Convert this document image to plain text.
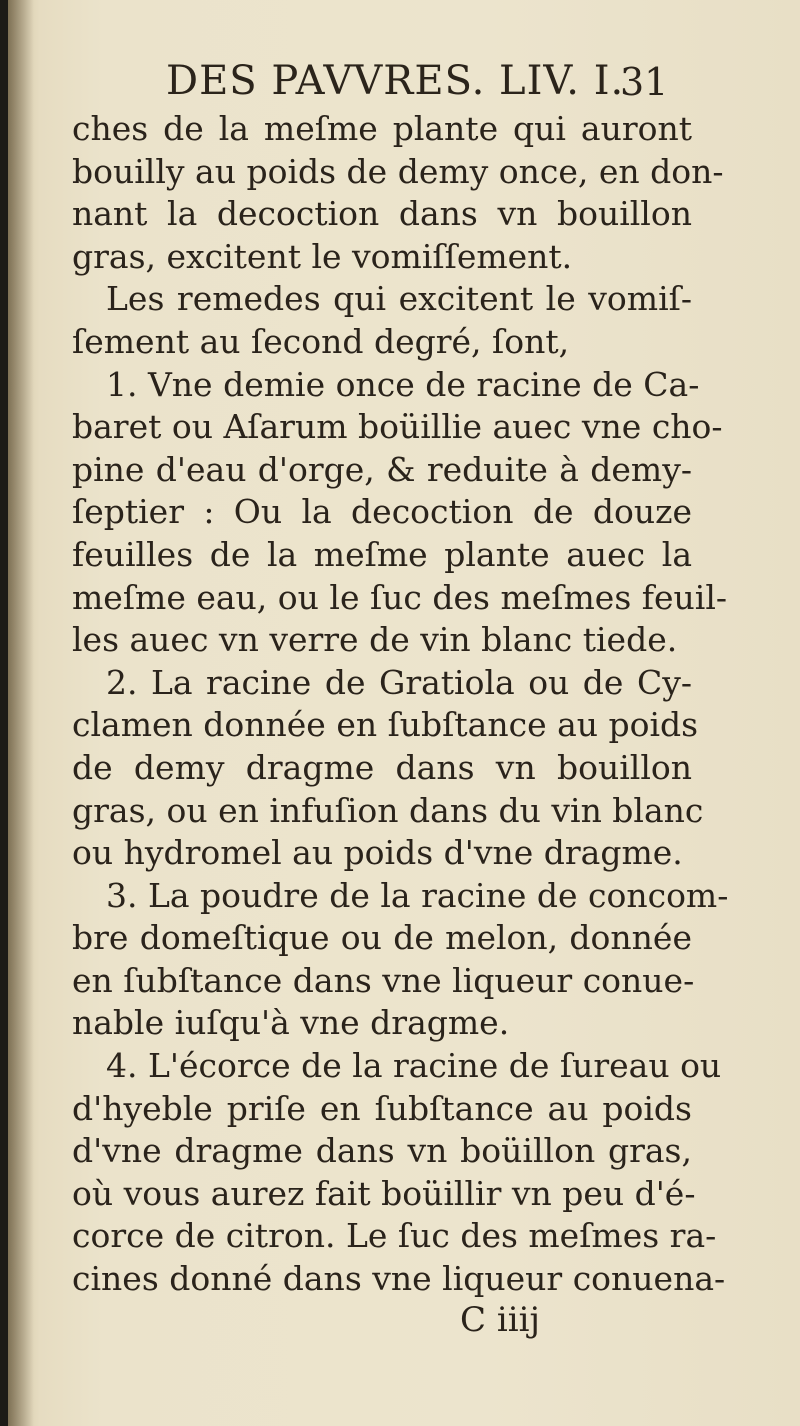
DES PAVVRES. LIV. I.
31
ches de la meſme plante qui auront
bouilly au poids de demy once, en don-
nant la decoction dans vn bouillon
gras, excitent le vomiſſement.
Les remedes qui excitent le vomiſ-
ſement au ſecond degré, ſont,
1. Vne demie once de racine de Ca-
baret ou Aſarum boüillie auec vne cho-
pine d'eau d'orge, & reduite à demy-
ſeptier : Ou la decoction de douze
feuilles de la meſme plante auec la
meſme eau, ou le ſuc des meſmes feuil-
les auec vn verre de vin blanc tiede.
2. La racine de Gratiola ou de Cy-
clamen donnée en ſubſtance au poids
de demy dragme dans vn bouillon
gras, ou en infuſion dans du vin blanc
ou hydromel au poids d'vne dragme.
3. La poudre de la racine de concom-
bre domeſtique ou de melon, donnée
en ſubſtance dans vne liqueur conue-
nable iuſqu'à vne dragme.
4. L'écorce de la racine de ſureau ou
d'hyeble priſe en ſubſtance au poids
d'vne dragme dans vn boüillon gras,
où vous aurez fait boüillir vn peu d'é-
corce de citron. Le ſuc des meſmes ra-
cines donné dans vne liqueur conuena-
C iiij
